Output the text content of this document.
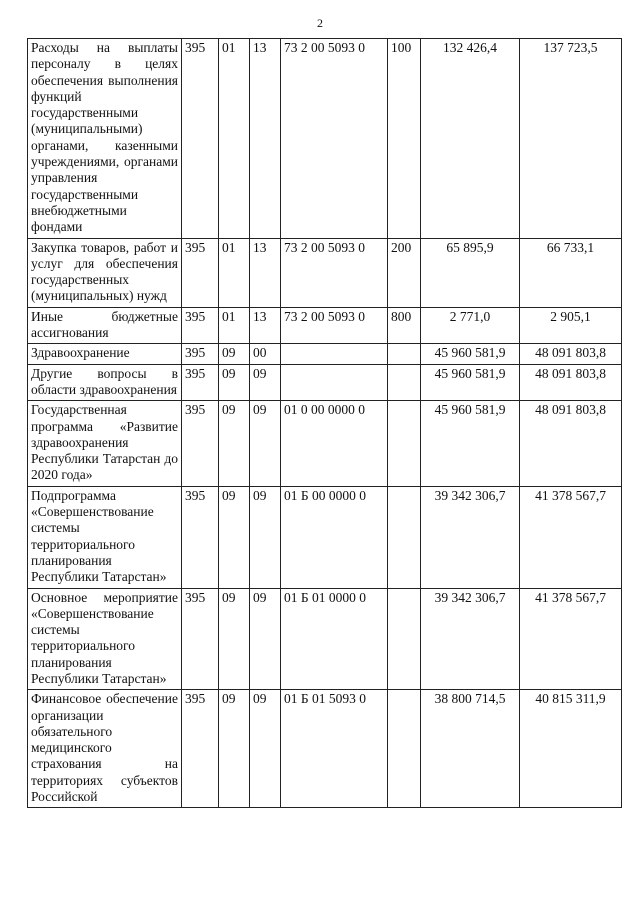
2
Расходы на выплаты персоналу в целях обеспечения выполнения функций государственными (муниципальными) органами, казенными учреждениями, органами управления государственными внебюджетными фондами	395	01	13	73 2 00 5093 0	100	132 426,4	137 723,5
Закупка товаров, работ и услуг для обеспечения государственных (муниципальных) нужд	395	01	13	73 2 00 5093 0	200	65 895,9	66 733,1
Иные бюджетные ассигнования	395	01	13	73 2 00 5093 0	800	2 771,0	2 905,1
Здравоохранение	395	09	00			45 960 581,9	48 091 803,8
Другие вопросы в области здравоохранения	395	09	09			45 960 581,9	48 091 803,8
Государственная программа «Развитие здравоохранения Республики Татарстан до 2020 года»	395	09	09	01 0 00 0000 0		45 960 581,9	48 091 803,8
Подпрограмма «Совершенствование системы территориального планирования Республики Татарстан»	395	09	09	01 Б 00 0000 0		39 342 306,7	41 378 567,7
Основное мероприятие «Совершенствование системы территориального планирования Республики Татарстан»	395	09	09	01 Б 01 0000 0		39 342 306,7	41 378 567,7
Финансовое обеспечение организации обязательного медицинского страхования на территориях субъектов Российской	395	09	09	01 Б 01 5093 0		38 800 714,5	40 815 311,9
